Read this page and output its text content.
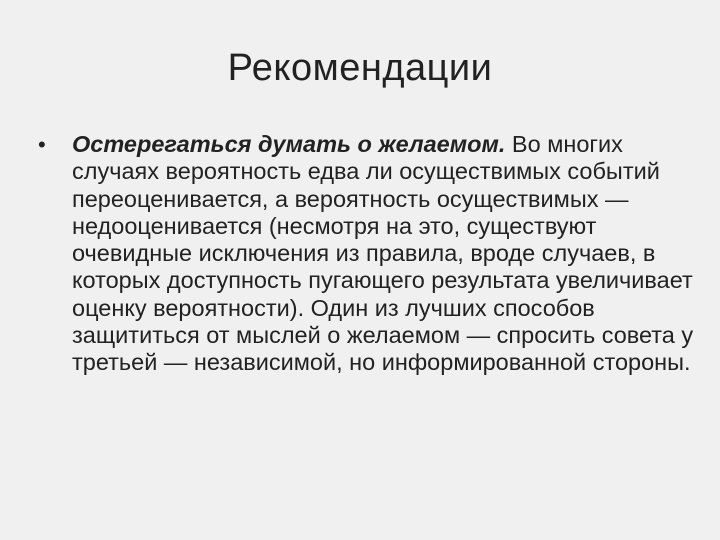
Рекомендации
•	Остерегаться думать о желаемом. Во многих случаях вероятность едва ли осуществимых событий переоценивается, а вероятность осуществимых — недооценивается (несмотря на это, существуют очевидные исключения из правила, вроде случаев, в которых доступность пугающего результата увеличивает оценку вероятности). Один из лучших способов защититься от мыслей о желаемом — спросить совета у третьей — независимой, но информированной стороны.
